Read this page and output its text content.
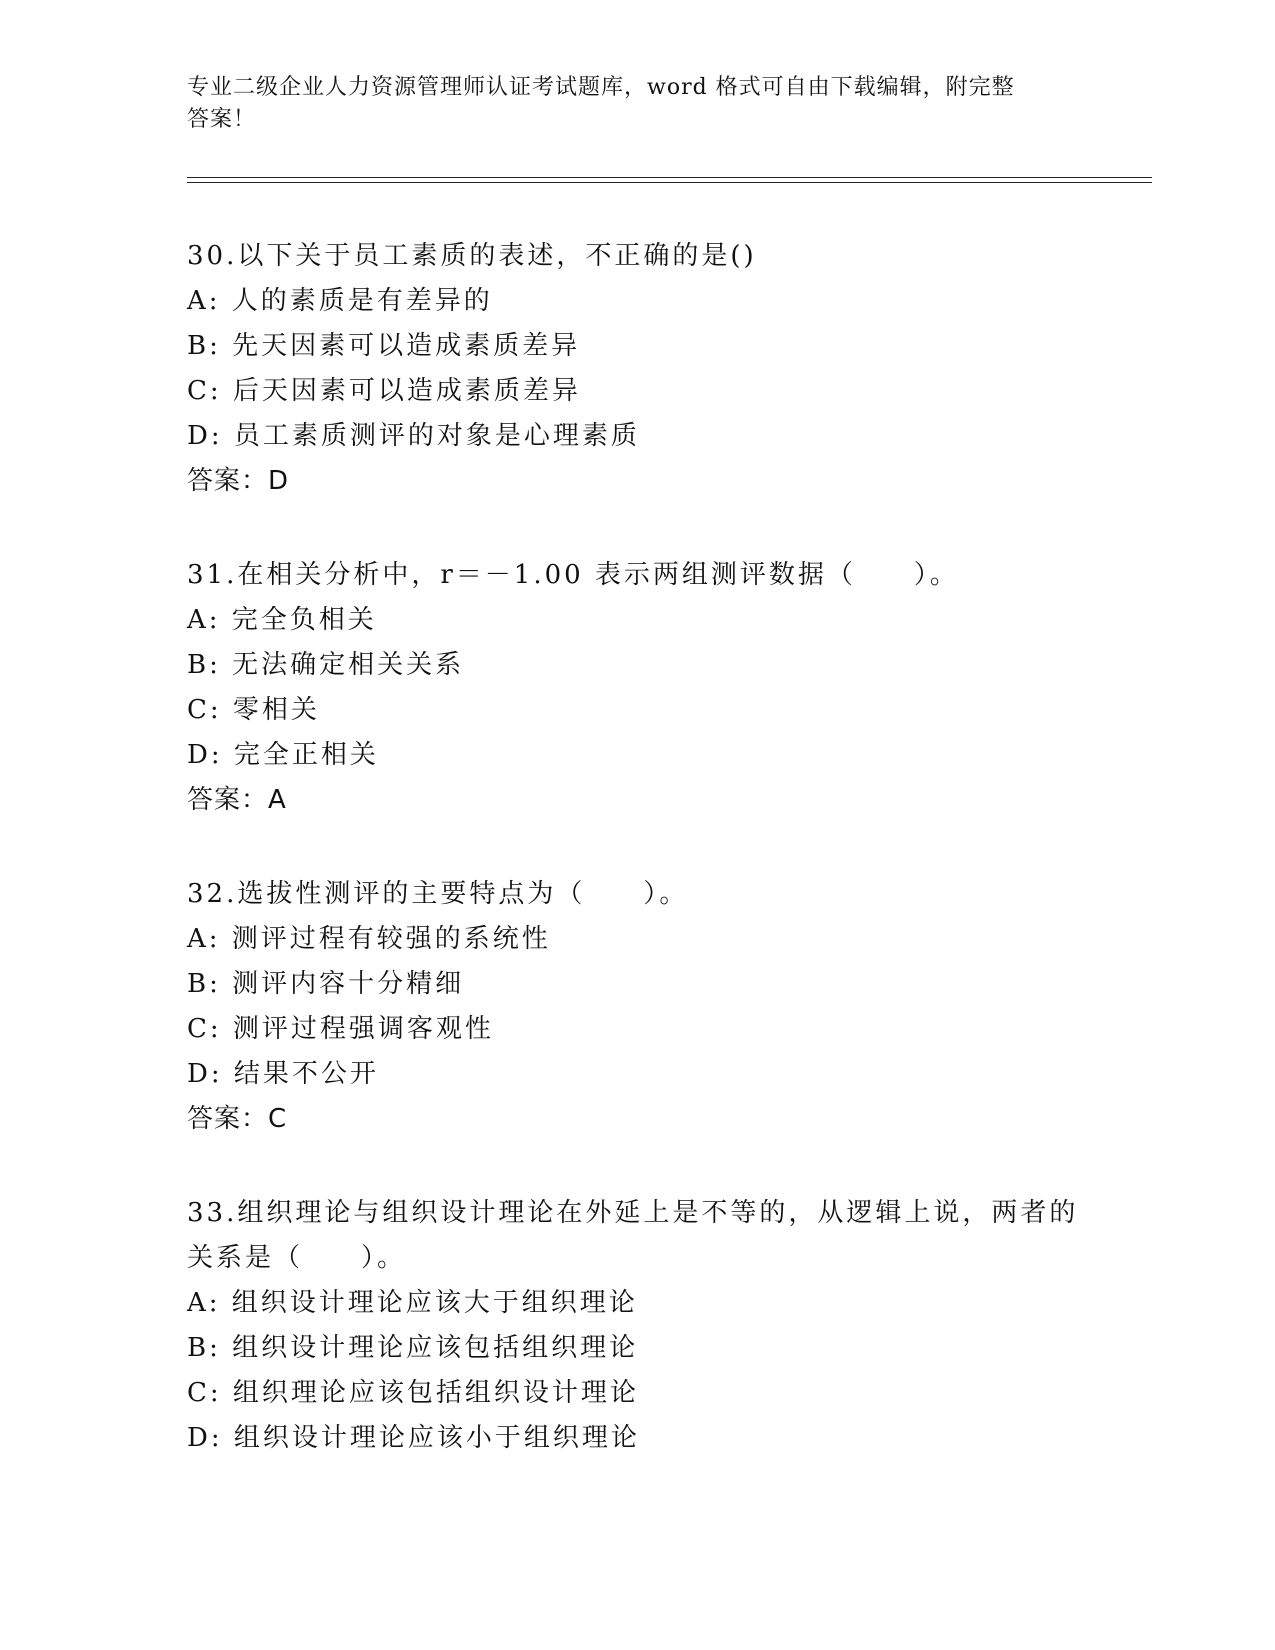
专业二级企业人力资源管理师认证考试题库，word 格式可自由下载编辑，附完整
答案！
30.以下关于员工素质的表述，不正确的是()
A: 人的素质是有差异的
B: 先天因素可以造成素质差异
C: 后天因素可以造成素质差异
D: 员工素质测评的对象是心理素质
答案：D
31.在相关分析中，r＝－1.00 表示两组测评数据（　　）。
A: 完全负相关
B: 无法确定相关关系
C: 零相关
D: 完全正相关
答案：A
32.选拔性测评的主要特点为（　　）。
A: 测评过程有较强的系统性
B: 测评内容十分精细
C: 测评过程强调客观性
D: 结果不公开
答案：C
33.组织理论与组织设计理论在外延上是不等的，从逻辑上说，两者的
关系是（　　）。
A: 组织设计理论应该大于组织理论
B: 组织设计理论应该包括组织理论
C: 组织理论应该包括组织设计理论
D: 组织设计理论应该小于组织理论
